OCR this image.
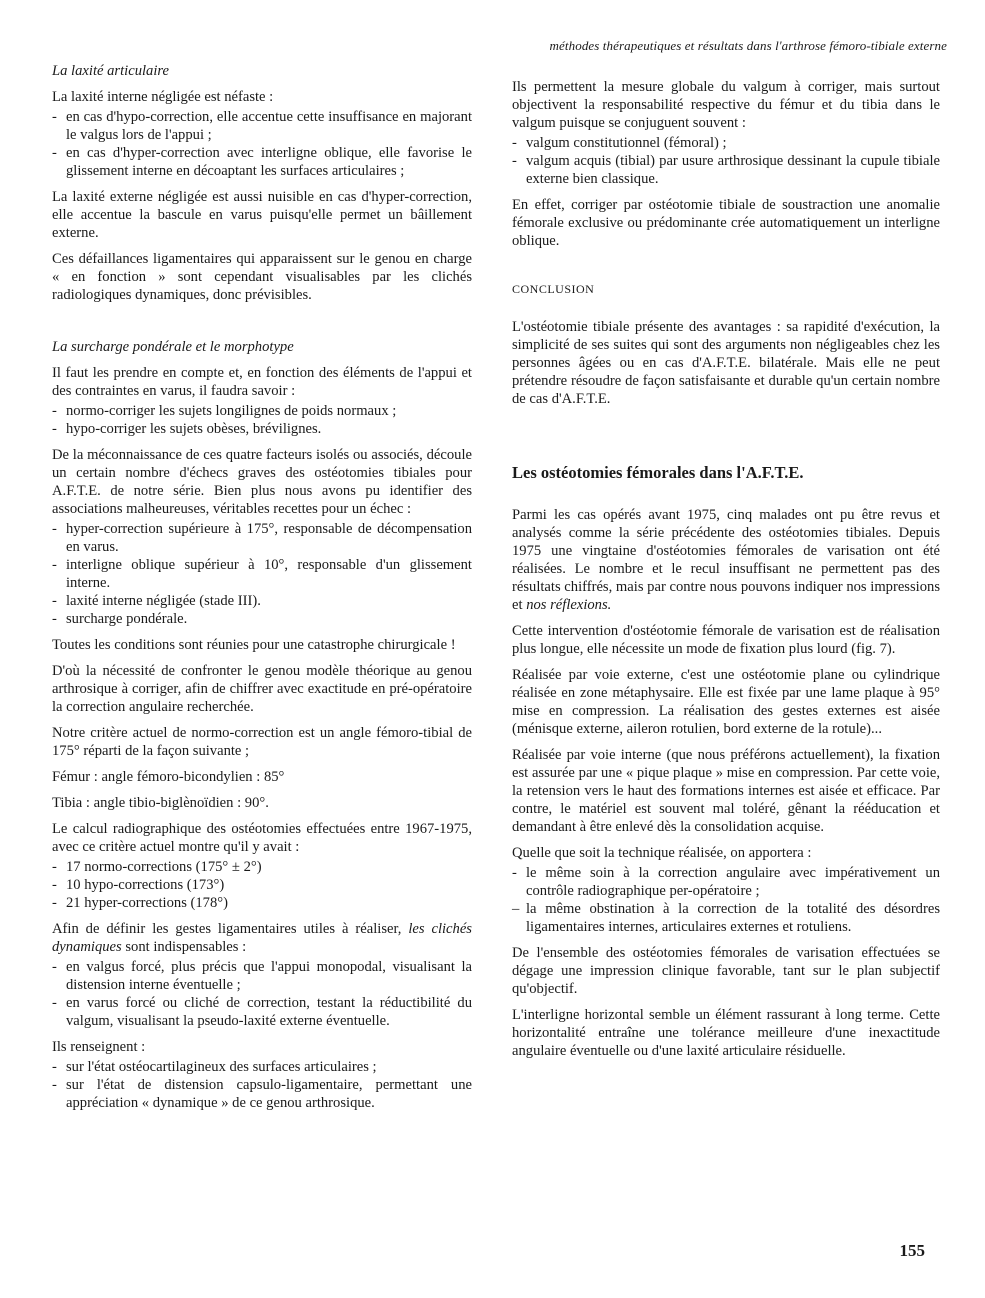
méthodes thérapeutiques et résultats dans l'arthrose fémoro-tibiale externe
La laxité articulaire

La laxité interne négligée est néfaste :

- en cas d'hypo-correction, elle accentue cette insuffisance en majorant le valgus lors de l'appui ;
- en cas d'hyper-correction avec interligne oblique, elle favorise le glissement interne en décoaptant les surfaces articulaires ;

La laxité externe négligée est aussi nuisible en cas d'hyper-correction, elle accentue la bascule en varus puisqu'elle permet un bâillement externe.

Ces défaillances ligamentaires qui apparaissent sur le genou en charge « en fonction » sont cependant visualisables par les clichés radiologiques dynamiques, donc prévisibles.

La surcharge pondérale et le morphotype

Il faut les prendre en compte et, en fonction des éléments de l'appui et des contraintes en varus, il faudra savoir :

- normo-corriger les sujets longilignes de poids normaux ;
- hypo-corriger les sujets obèses, brévilignes.

De la méconnaissance de ces quatre facteurs isolés ou associés, découle un certain nombre d'échecs graves des ostéotomies tibiales pour A.F.T.E. de notre série. Bien plus nous avons pu identifier des associations malheureuses, véritables recettes pour un échec :

- hyper-correction supérieure à 175°, responsable de décompensation en varus.
- interligne oblique supérieur à 10°, responsable d'un glissement interne.
- laxité interne négligée (stade III).
- surcharge pondérale.

Toutes les conditions sont réunies pour une catastrophe chirurgicale !

D'où la nécessité de confronter le genou modèle théorique au genou arthrosique à corriger, afin de chiffrer avec exactitude en pré-opératoire la correction angulaire recherchée.

Notre critère actuel de normo-correction est un angle fémoro-tibial de 175° réparti de la façon suivante ;

Fémur : angle fémoro-bicondylien : 85°

Tibia : angle tibio-biglènoïdien : 90°.

Le calcul radiographique des ostéotomies effectuées entre 1967-1975, avec ce critère actuel montre qu'il y avait :

- 17 normo-corrections (175° ± 2°)
- 10 hypo-corrections (173°)
- 21 hyper-corrections (178°)

Afin de définir les gestes ligamentaires utiles à réaliser, les clichés dynamiques sont indispensables :

- en valgus forcé, plus précis que l'appui monopodal, visualisant la distension interne éventuelle ;
- en varus forcé ou cliché de correction, testant la réductibilité du valgum, visualisant la pseudo-laxité externe éventuelle.

Ils renseignent :

- sur l'état ostéocartilagineux des surfaces articulaires ;
- sur l'état de distension capsulo-ligamentaire, permettant une appréciation « dynamique » de ce genou arthrosique.

Ils permettent la mesure globale du valgum à corriger, mais surtout objectivent la responsabilité respective du fémur et du tibia dans le valgum puisque se conjuguent souvent :

- valgum constitutionnel (fémoral) ;
- valgum acquis (tibial) par usure arthrosique dessinant la cupule tibiale externe bien classique.

En effet, corriger par ostéotomie tibiale de soustraction une anomalie fémorale exclusive ou prédominante crée automatiquement un interligne oblique.

CONCLUSION

L'ostéotomie tibiale présente des avantages : sa rapidité d'exécution, la simplicité de ses suites qui sont des arguments non négligeables chez les personnes âgées ou en cas d'A.F.T.E. bilatérale. Mais elle ne peut prétendre résoudre de façon satisfaisante et durable qu'un certain nombre de cas d'A.F.T.E.

Les ostéotomies fémorales dans l'A.F.T.E.

Parmi les cas opérés avant 1975, cinq malades ont pu être revus et analysés comme la série précédente des ostéotomies tibiales. Depuis 1975 une vingtaine d'ostéotomies fémorales de varisation ont été réalisées. Le nombre et le recul insuffisant ne permettent pas des résultats chiffrés, mais par contre nous pouvons indiquer nos impressions et nos réflexions.

Cette intervention d'ostéotomie fémorale de varisation est de réalisation plus longue, elle nécessite un mode de fixation plus lourd (fig. 7).

Réalisée par voie externe, c'est une ostéotomie plane ou cylindrique réalisée en zone métaphysaire. Elle est fixée par une lame plaque à 95° mise en compression. La réalisation des gestes externes est aisée (ménisque externe, aileron rotulien, bord externe de la rotule)...

Réalisée par voie interne (que nous préférons actuellement), la fixation est assurée par une « pique plaque » mise en compression. Par cette voie, la retension vers le haut des formations internes est aisée et efficace. Par contre, le matériel est souvent mal toléré, gênant la rééducation et demandant à être enlevé dès la consolidation acquise.

Quelle que soit la technique réalisée, on apportera :

- le même soin à la correction angulaire avec impérativement un contrôle radiographique per-opératoire ;
– la même obstination à la correction de la totalité des désordres ligamentaires internes, articulaires externes et rotuliens.

De l'ensemble des ostéotomies fémorales de varisation effectuées se dégage une impression clinique favorable, tant sur le plan subjectif qu'objectif.

L'interligne horizontal semble un élément rassurant à long terme. Cette horizontalité entraîne une tolérance meilleure d'une inexactitude angulaire éventuelle ou d'une laxité articulaire résiduelle.

155
